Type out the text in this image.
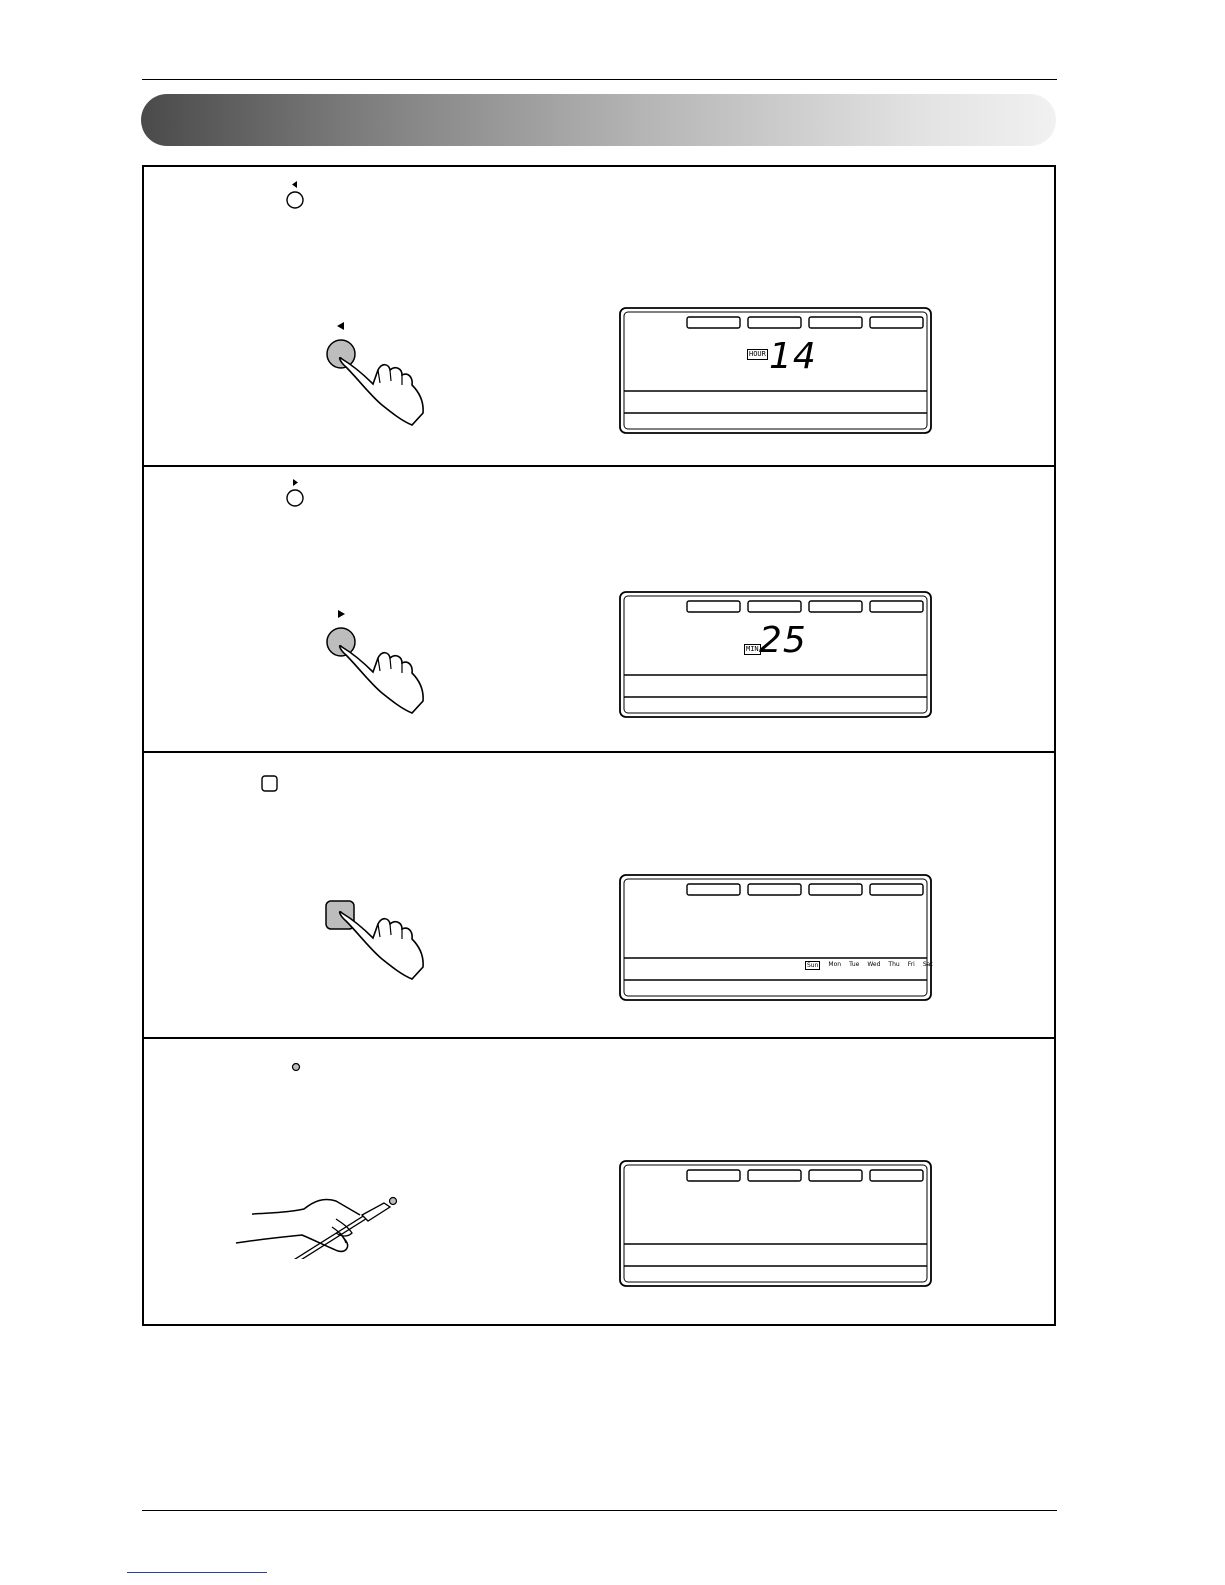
HOUR 14
MIN 25
Sun	Mon Tue Wed Thu Fri Sat
